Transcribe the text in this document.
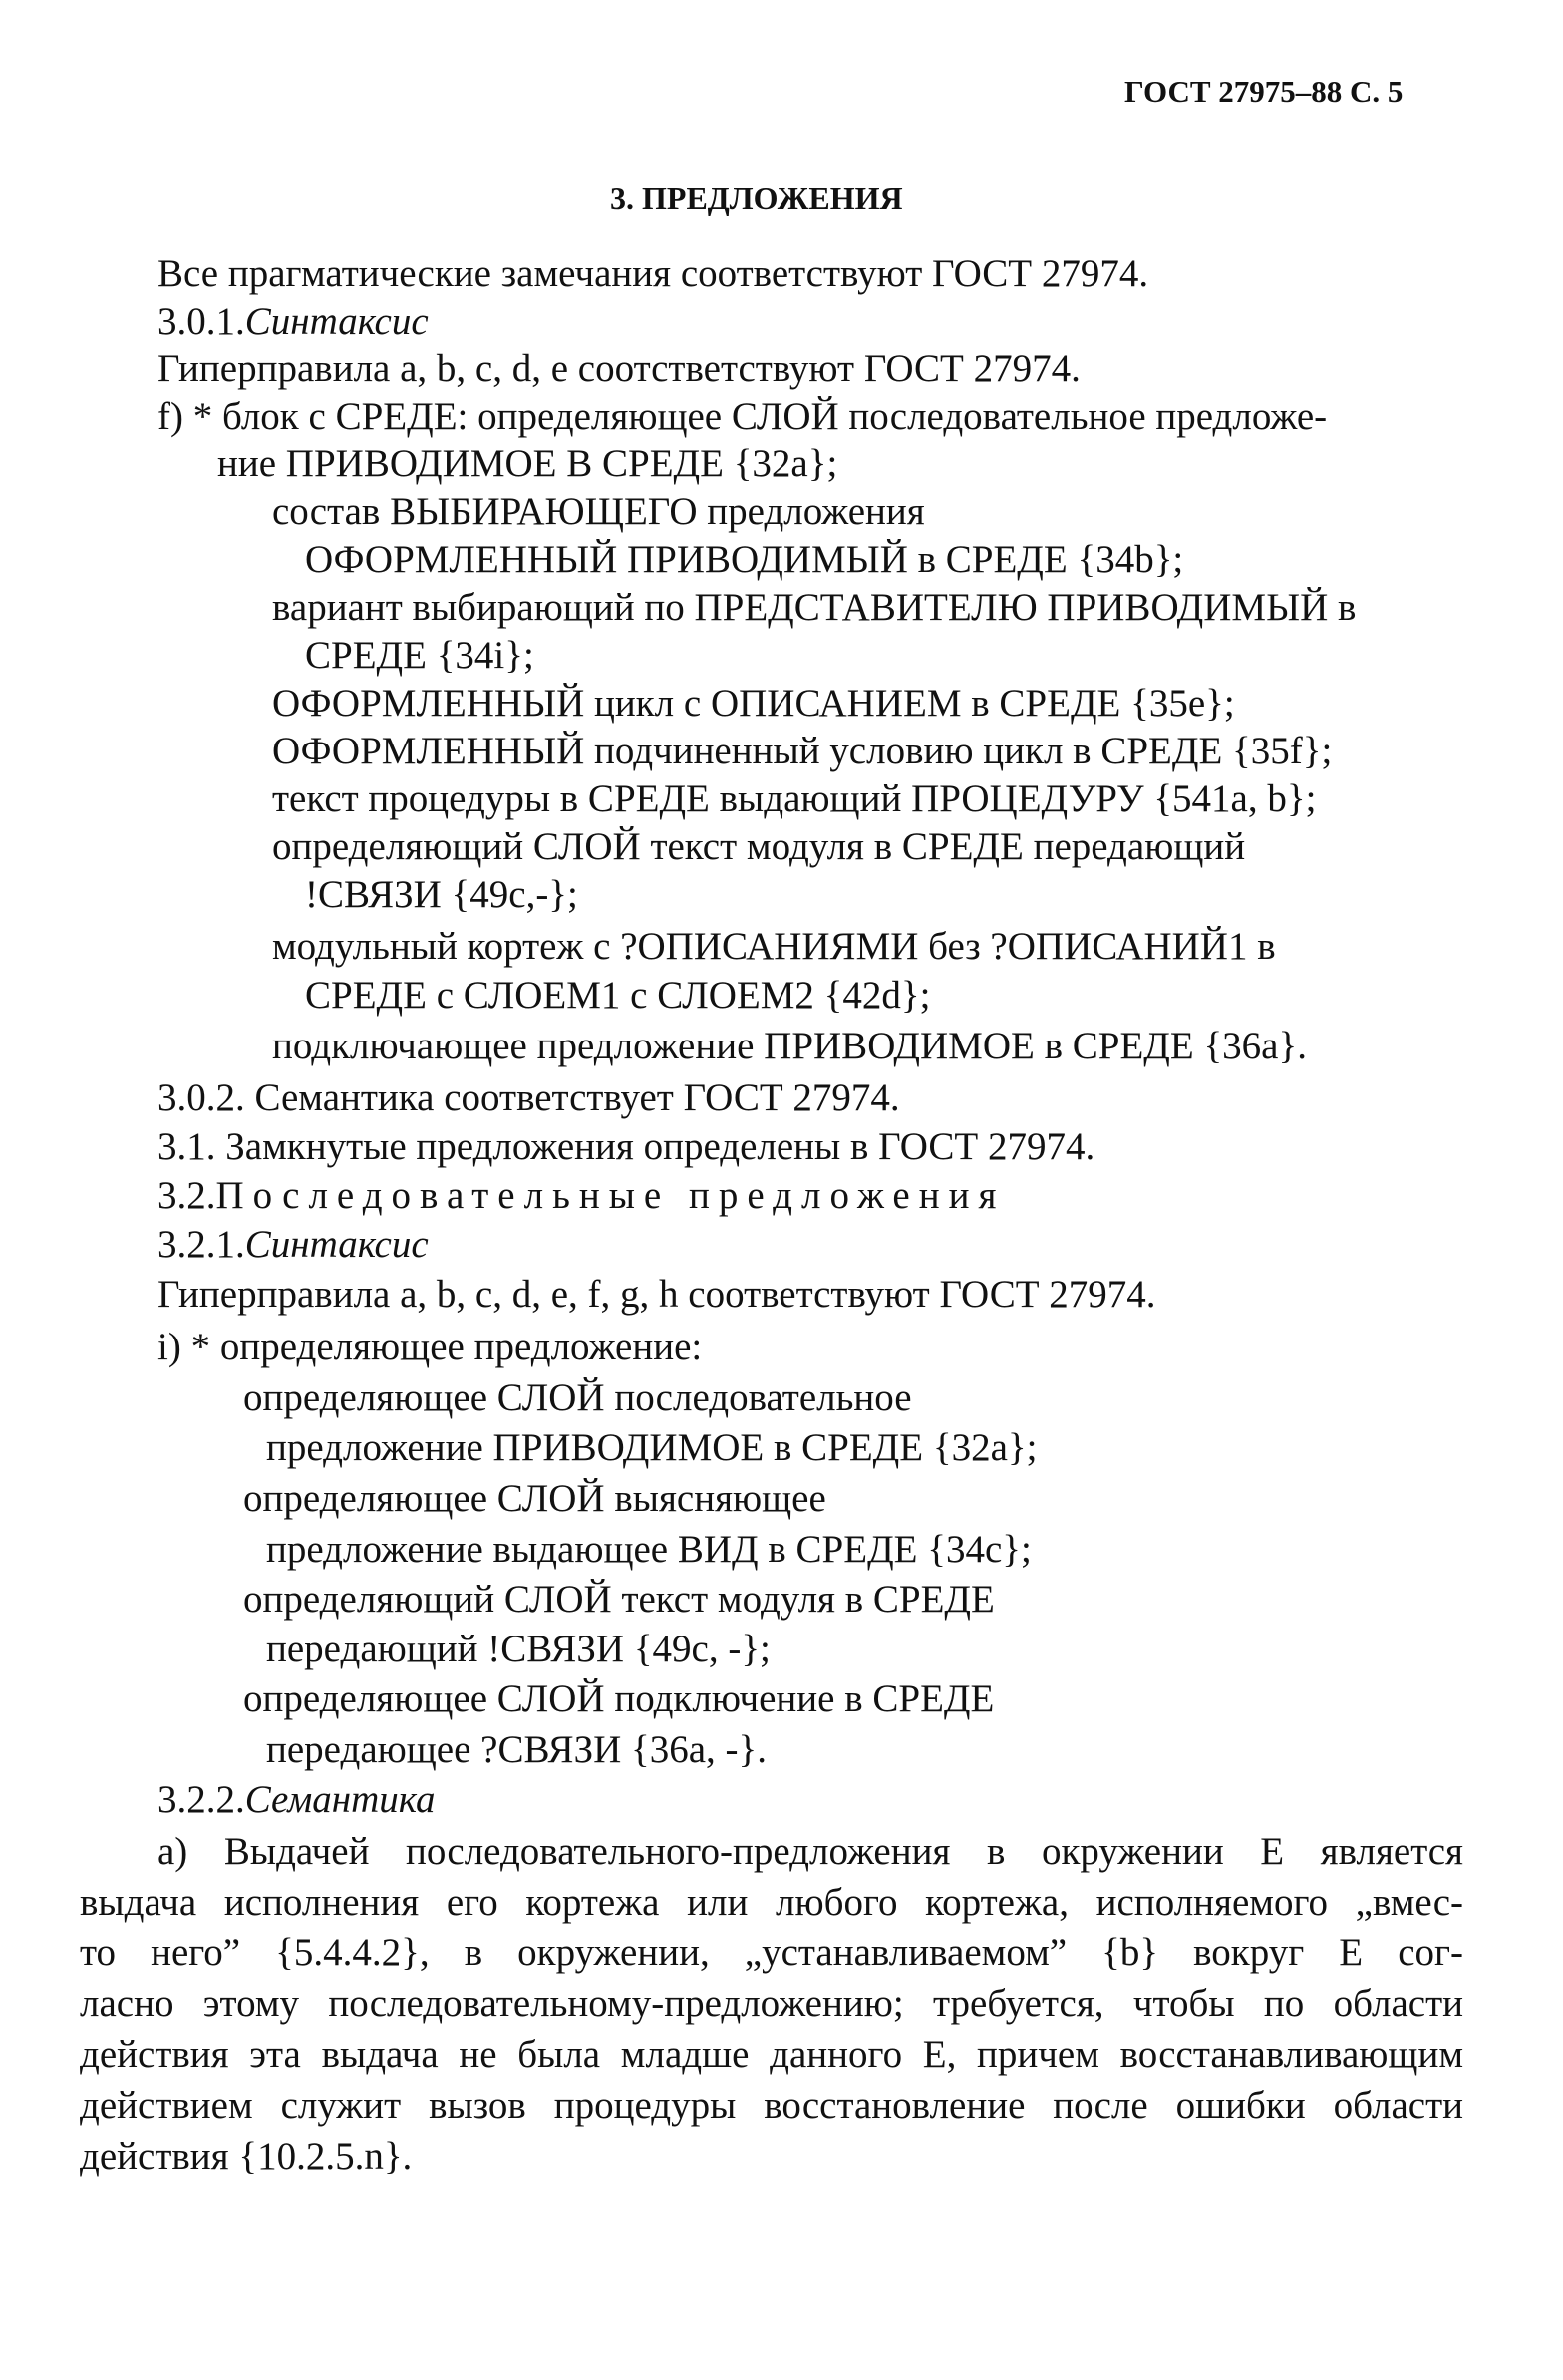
ГОСТ 27975–88 С. 5
3. ПРЕДЛОЖЕНИЯ
Все прагматические замечания соответствуют ГОСТ 27974.
3.0.1.Синтаксис
Гиперправила a, b, c, d, e соотстветствуют ГОСТ 27974.
f) * блок с СРЕДЕ: определяющее СЛОЙ последовательное предложе-
ние ПРИВОДИМОЕ В СРЕДЕ {32a};
состав ВЫБИРАЮЩЕГО предложения
ОФОРМЛЕННЫЙ ПРИВОДИМЫЙ в СРЕДЕ {34b};
вариант выбирающий по ПРЕДСТАВИТЕЛЮ ПРИВОДИМЫЙ в
СРЕДЕ {34i};
ОФОРМЛЕННЫЙ цикл с ОПИСАНИЕМ в СРЕДЕ {35e};
ОФОРМЛЕННЫЙ подчиненный условию цикл в СРЕДЕ {35f};
текст процедуры в СРЕДЕ выдающий ПРОЦЕДУРУ {541a, b};
определяющий СЛОЙ текст модуля в СРЕДЕ передающий
!СВЯЗИ {49c,-};
модульный кортеж с ?ОПИСАНИЯМИ без ?ОПИСАНИЙ1 в
СРЕДЕ с СЛОЕМ1 с СЛОЕМ2 {42d};
подключающее предложение ПРИВОДИМОЕ в СРЕДЕ {36a}.
3.0.2. Семантика соответствует ГОСТ 27974.
3.1. Замкнутые предложения определены в ГОСТ 27974.
3.2.Последовательные предложения
3.2.1.Синтаксис
Гиперправила a, b, c, d, e, f, g, h соответствуют ГОСТ 27974.
i) * определяющее предложение:
определяющее СЛОЙ последовательное
предложение ПРИВОДИМОЕ в СРЕДЕ {32a};
определяющее СЛОЙ выясняющее
предложение выдающее ВИД в СРЕДЕ {34c};
определяющий СЛОЙ текст модуля в СРЕДЕ
передающий !СВЯЗИ {49c, -};
определяющее СЛОЙ подключение в СРЕДЕ
передающее ?СВЯЗИ {36a, -}.
3.2.2.Семантика
a) Выдачей последовательного-предложения в окружении E является
выдача исполнения его кортежа или любого кортежа, исполняемого „вмес-
то него” {5.4.4.2}, в окружении, „устанавливаемом” {b} вокруг E сог-
ласно этому последовательному-предложению; требуется, чтобы по области
действия эта выдача не была младше данного E, причем восстанавливающим
действием служит вызов процедуры восстановление после ошибки области
действия {10.2.5.n}.
